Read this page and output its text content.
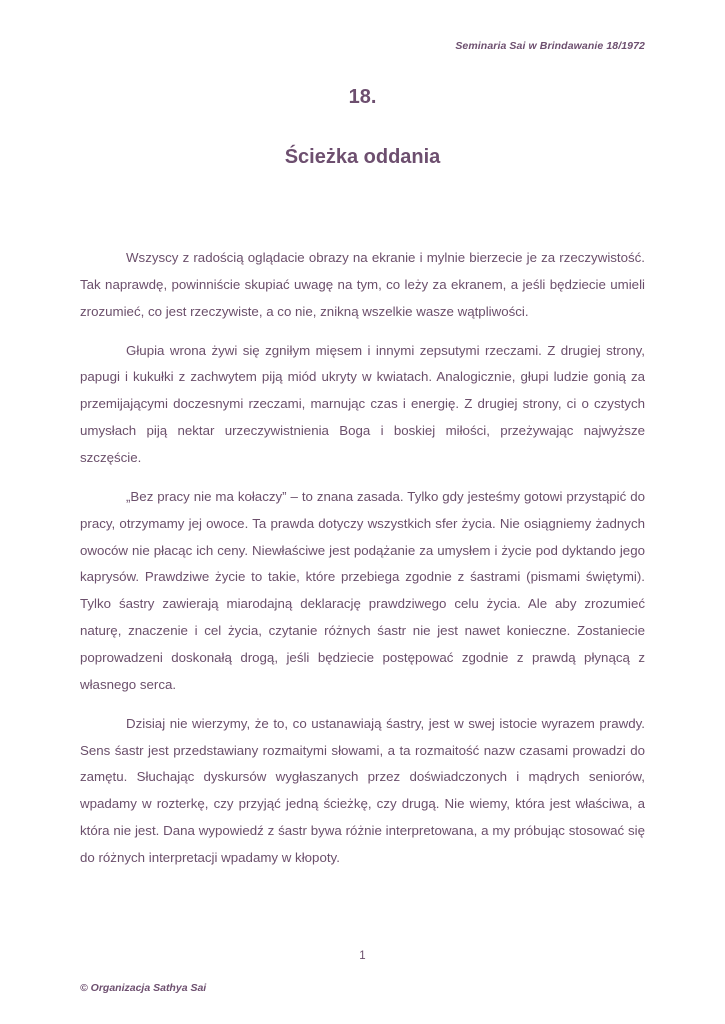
Seminaria Sai w Brindawanie 18/1972
18.
Ścieżka oddania

Wszyscy z radością oglądacie obrazy na ekranie i mylnie bierzecie je za rzeczywistość. Tak naprawdę, powinniście skupiać uwagę na tym, co leży za ekranem, a jeśli będziecie umieli zrozumieć, co jest rzeczywiste, a co nie, znikną wszelkie wasze wątpliwości.

Głupia wrona żywi się zgniłym mięsem i innymi zepsutymi rzeczami. Z drugiej strony, papugi i kukułki z zachwytem piją miód ukryty w kwiatach. Analogicznie, głupi ludzie gonią za przemijającymi doczesnymi rzeczami, marnując czas i energię. Z drugiej strony, ci o czystych umysłach piją nektar urzeczywistnienia Boga i boskiej miłości, przeżywając najwyższe szczęście.

„Bez pracy nie ma kołaczy” – to znana zasada. Tylko gdy jesteśmy gotowi przystąpić do pracy, otrzymamy jej owoce. Ta prawda dotyczy wszystkich sfer życia. Nie osiągniemy żadnych owoców nie płacąc ich ceny. Niewłaściwe jest podążanie za umysłem i życie pod dyktando jego kaprysów. Prawdziwe życie to takie, które przebiega zgodnie z śastrami (pismami świętymi). Tylko śastry zawierają miarodajną deklarację prawdziwego celu życia. Ale aby zrozumieć naturę, znaczenie i cel życia, czytanie różnych śastr nie jest nawet konieczne. Zostaniecie poprowadzeni doskonałą drogą, jeśli będziecie postępować zgodnie z prawdą płynącą z własnego serca.

Dzisiaj nie wierzymy, że to, co ustanawiają śastry, jest w swej istocie wyrazem prawdy. Sens śastr jest przedstawiany rozmaitymi słowami, a ta rozmaitość nazw czasami prowadzi do zamętu. Słuchając dyskursów wygłaszanych przez doświadczonych i mądrych seniorów, wpadamy w rozterkę, czy przyjąć jedną ścieżkę, czy drugą. Nie wiemy, która jest właściwa, a która nie jest. Dana wypowiedź z śastr bywa różnie interpretowana, a my próbując stosować się do różnych interpretacji wpadamy w kłopoty.

1
© Organizacja Sathya Sai
